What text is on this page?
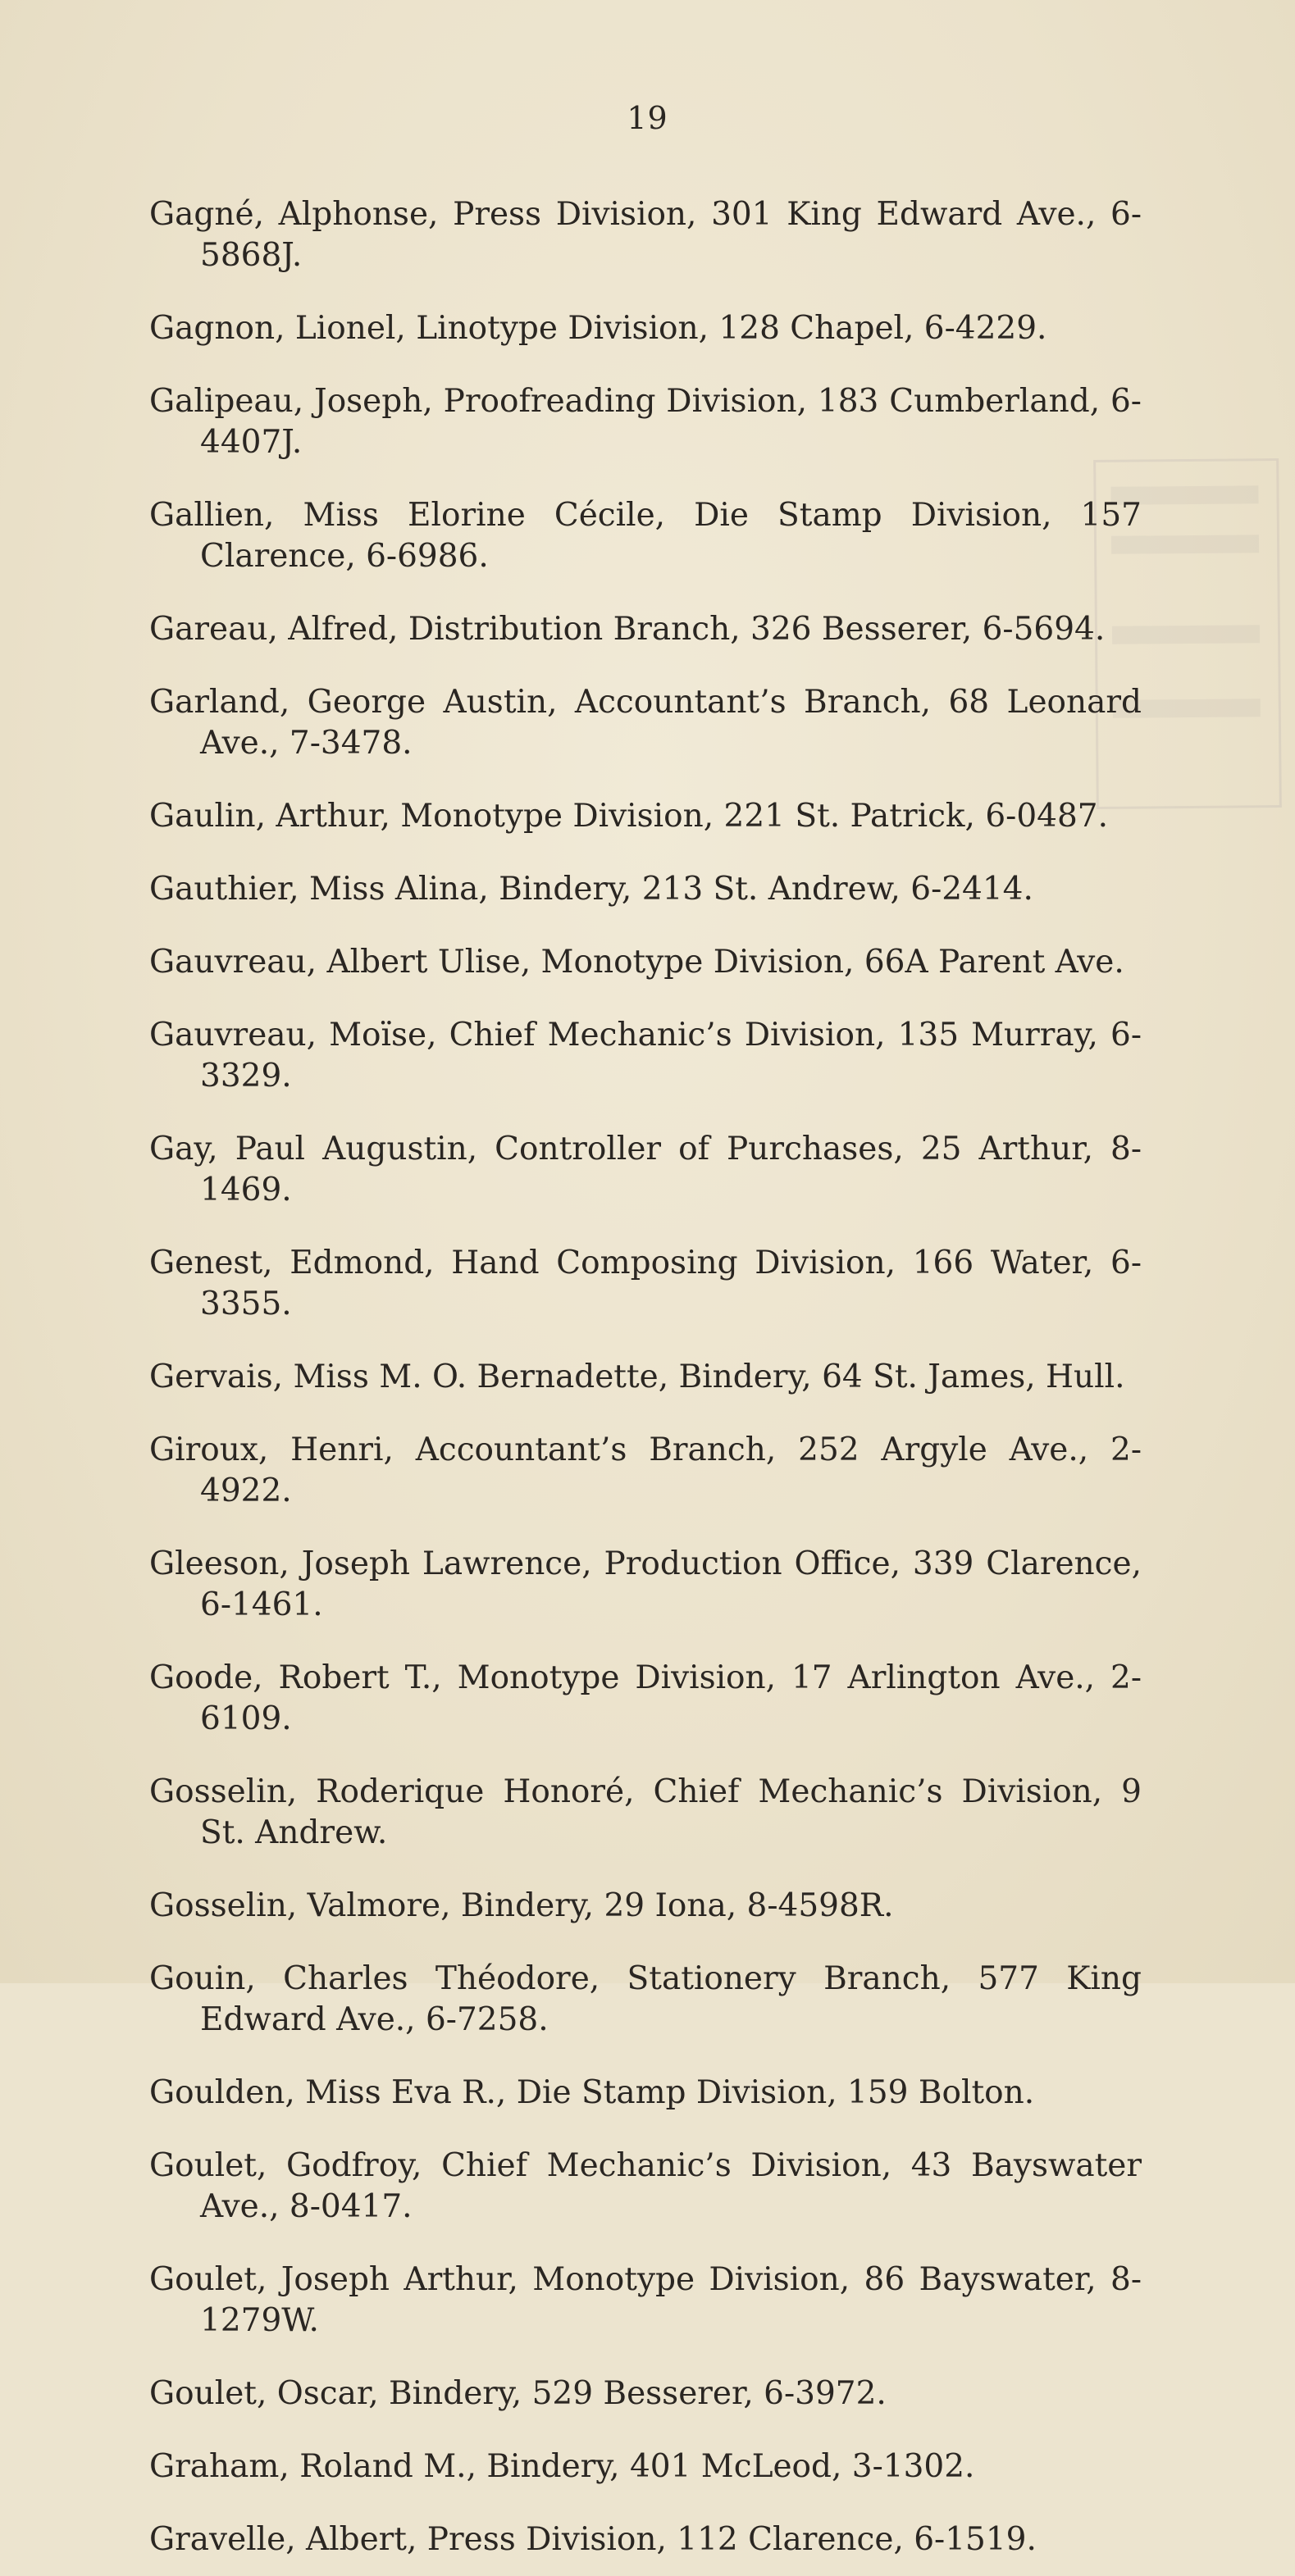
19

Gagné, Alphonse, Press Division, 301 King Edward Ave., 6-5868J.

Gagnon, Lionel, Linotype Division, 128 Chapel, 6-4229.

Galipeau, Joseph, Proofreading Division, 183 Cumberland, 6-4407J.

Gallien, Miss Elorine Cécile, Die Stamp Division, 157 Clarence, 6-6986.

Gareau, Alfred, Distribution Branch, 326 Besserer, 6-5694.

Garland, George Austin, Accountant’s Branch, 68 Leonard Ave., 7-3478.

Gaulin, Arthur, Monotype Division, 221 St. Patrick, 6-0487.

Gauthier, Miss Alina, Bindery, 213 St. Andrew, 6-2414.

Gauvreau, Albert Ulise, Monotype Division, 66A Parent Ave.

Gauvreau, Moïse, Chief Mechanic’s Division, 135 Murray, 6-3329.

Gay, Paul Augustin, Controller of Purchases, 25 Arthur, 8-1469.

Genest, Edmond, Hand Composing Division, 166 Water, 6-3355.

Gervais, Miss M. O. Bernadette, Bindery, 64 St. James, Hull.

Giroux, Henri, Accountant’s Branch, 252 Argyle Ave., 2-4922.

Gleeson, Joseph Lawrence, Production Office, 339 Clarence, 6-1461.

Goode, Robert T., Monotype Division, 17 Arlington Ave., 2-6109.

Gosselin, Roderique Honoré, Chief Mechanic’s Division, 9 St. Andrew.

Gosselin, Valmore, Bindery, 29 Iona, 8-4598R.

Gouin, Charles Théodore, Stationery Branch, 577 King Edward Ave., 6-7258.

Goulden, Miss Eva R., Die Stamp Division, 159 Bolton.

Goulet, Godfroy, Chief Mechanic’s Division, 43 Bayswater Ave., 8-0417.

Goulet, Joseph Arthur, Monotype Division, 86 Bayswater, 8-1279W.

Goulet, Oscar, Bindery, 529 Besserer, 6-3972.

Graham, Roland M., Bindery, 401 McLeod, 3-1302.

Gravelle, Albert, Press Division, 112 Clarence, 6-1519.
